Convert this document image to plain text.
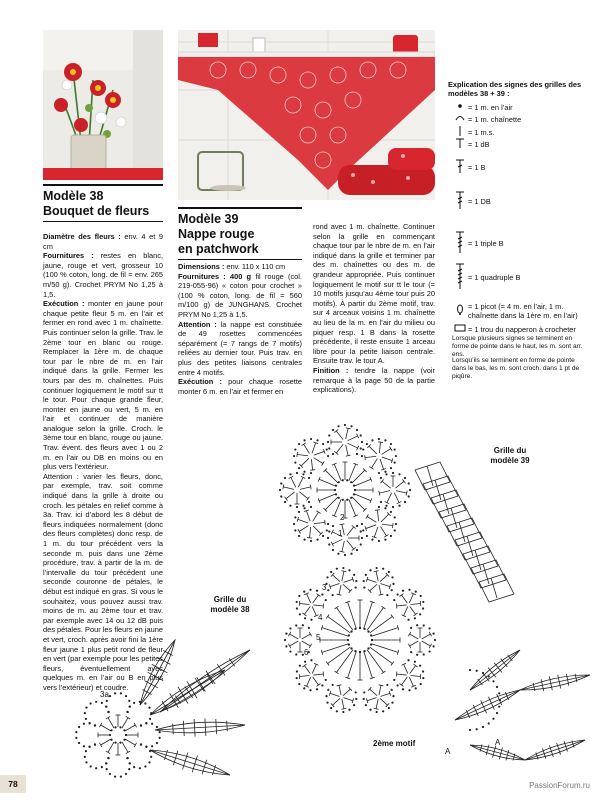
Modèle 38
Bouquet de fleurs
Modèle 39
Nappe rouge
en patchwork

Diamètre des fleurs : env. 4 et 9 cm

Fournitures : restes en blanc, jaune, rouge et vert, grosseur 10 (100 % coton, long. de fil = env. 265 m/50 g). Crochet PRYM No 1,25 à 1,5.

Exécution : monter en jaune pour chaque petite fleur 5 m. en l’air et fermer en rond avec 1 m. chaînette. Puis continuer selon la grille. Trav. le 2ème tour en blanc ou rouge. Remplacer la 1ère m. de chaque tour par le nbre de m. en l’air indiqué dans la grille. Fermer les tours par des m. chaînettes. Puis continuer logiquement le motif sur tt le tour. Pour chaque grande fleur, monter en jaune ou vert, 5 m. en l’air et continuer de manière analogue selon la grille. Croch. le 3ème tour en blanc, rouge ou jaune. Trav. évent. des fleurs avec 1 ou 2 m. en l’air ou DB en moins ou en plus vers l’extérieur.

Attention : varier les fleurs, donc, par exemple, trav. soit comme indiqué dans la grille à droite ou croch. les pétales en relief comme à 3a. Trav. ici d’abord les 8 début de fleurs indiquées normalement (donc des fleurs complètes) donc resp. de 1 m. du tour précédent vers la seconde m. puis dans une 2ème procédure, trav. à partir de la m. de l’intervalle du tour précédent une seconde couronne de pétales, le début est indiqué en gras. Si vous le souhaitez, vous pouvez aussi trav. moins de m. au 2ème tour et trav. par exemple avec 14 ou 12 dB puis des pétales. Pour les fleurs en jaune et vert, croch. après avoir fini la 1ère fleur jaune 1 plus petit rond de fleur en vert (par exemple pour les petites fleurs, éventuellement avec quelques m. en l’air ou B en plus vers l’extérieur) et coudre.

Dimensions : env. 110 x 110 cm

Fournitures : 400 g fil rouge (col. 219-055-96) « coton pour crochet » (100 % coton, long. de fil = 560 m/100 g) de JUNGHANS. Crochet PRYM No 1,25 à 1,5.

Attention : la nappe est constituée de 49 rosettes commencées séparément (= 7 rangs de 7 motifs) reliées au dernier tour. Puis trav. en plus des petites liaisons centrales entre 4 motifs.

Exécution : pour chaque rosette monter 6 m. en l’air et fermer en

rond avec 1 m. chaînette. Continuer selon la grille en commençant chaque tour par le nbre de m. en l’air indiqué dans la grille et terminer par des m. chaînettes ou des m. de grandeur appropriée. Puis continuer logiquement le motif sur tt le tour (= 10 motifs jusqu’au 4ème tour puis 20 motifs). À partir du 2ème motif, trav. sur 4 arceaux voisins 1 m. chaînette au lieu de la m. en l’air du milieu ou piquer resp. 1 B dans la rosette précédente, il reste ensuite 1 arceau libre pour la petite liaison centrale. Ensuite trav. le tour A.

Finition : tendre la nappe (voir remarque à la page 50 de la partie explications).

Explication des signes des grilles des modèles 38 + 39 :
= 1 m. en l’air
= 1 m. chaînette
= 1 m.s.
= 1 dB
= 1 B
= 1 DB
= 1 triple B
= 1 quadruple B
= 1 picot (= 4 m. en l’air, 1 m. chaînette dans la 1ère m. en l’air)
= 1 trou du napperon à crocheter
Lorsque plusieurs signes se terminent en forme de pointe dans le haut, les m. sont arr. ens.
Lorsqu’ils se terminent en forme de pointe dans le bas, les m. sont croch. dans 1 pt de piqûre.
Grille du
modèle 39
Grille du
modèle 38
1
2
3
4
5
6
3a
A
A
2ème motif
78	PassionForum.ru
